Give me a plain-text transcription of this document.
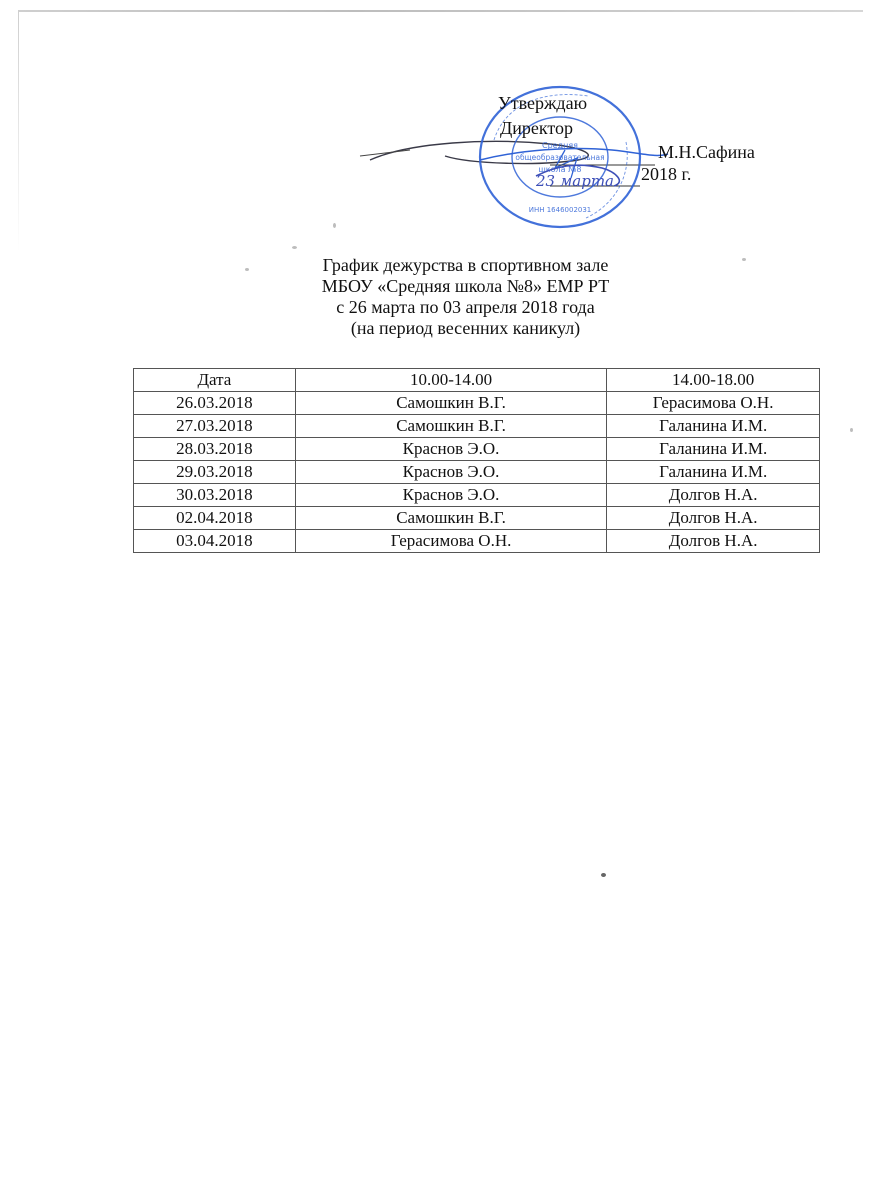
Средняя
общеобразовательная
школа №8
ИНН 1646002031
23 марта
Утверждаю
Директор
М.Н.Сафина
2018 г.
График дежурства в спортивном зале
МБОУ «Средняя школа №8» ЕМР РТ
с 26 марта по 03 апреля 2018 года
(на период весенних каникул)
Дата	10.00-14.00	14.00-18.00
26.03.2018	Самошкин В.Г.	Герасимова О.Н.
27.03.2018	Самошкин В.Г.	Галанина И.М.
28.03.2018	Краснов Э.О.	Галанина И.М.
29.03.2018	Краснов Э.О.	Галанина И.М.
30.03.2018	Краснов Э.О.	Долгов Н.А.
02.04.2018	Самошкин В.Г.	Долгов Н.А.
03.04.2018	Герасимова О.Н.	Долгов Н.А.
